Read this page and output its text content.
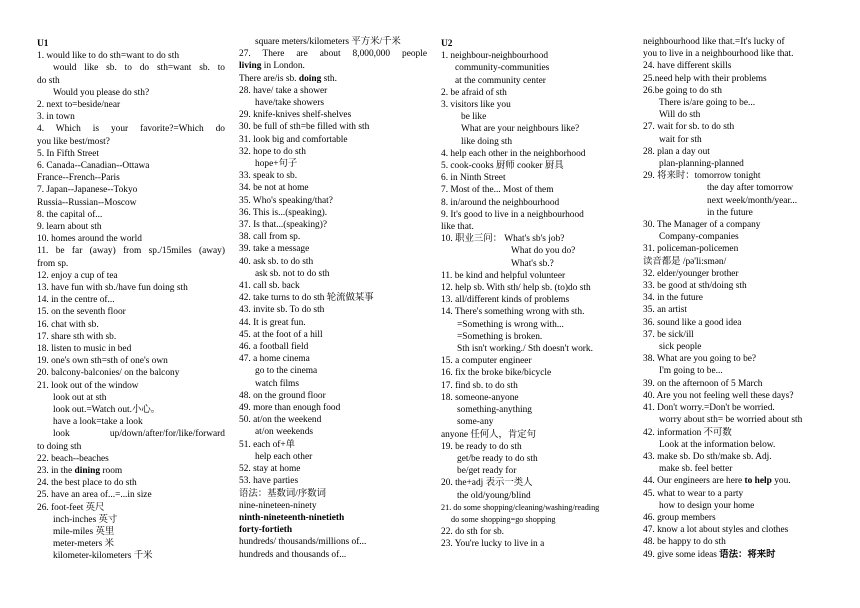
U1
1. would like to do sth=want to do sth
would like sb. to do sth=want sb. to
do sth
Would you please do sth?
2. next to=beside/near
3. in town
4. Which is your favorite?=Which do
you like best/most?
5. In Fifth Street
6. Canada--Canadian--Ottawa
France--French--Paris
7. Japan--Japanese--Tokyo
Russia--Russian--Moscow
8. the capital of...
9. learn about sth
10. homes around the world
11. be far (away) from sp./15miles (away)
from sp.
12. enjoy a cup of tea
13. have fun with sb./have fun doing sth
14. in the centre of...
15. on the seventh floor
16. chat with sb.
17. share sth with sb.
18. listen to music in bed
19. one's own sth=sth of one's own
20. balcony-balconies/ on the balcony
21. look out of the window
look out at sth
look out.=Watch out.小心。
have a look=take a look
look up/down/after/for/like/forward
to doing sth
22. beach--beaches
23. in the dining room
24. the best place to do sth
25. have an area of...=...in size
26. foot-feet 英尺
inch-inches 英寸
mile-miles 英里
meter-meters 米
kilometer-kilometers 千米
square meters/kilometers 平方米/千米
27. There are about 8,000,000 people
living in London.
There are/is sb. doing sth.
28. have/ take a shower
have/take showers
29. knife-knives shelf-shelves
30. be full of sth=be filled with sth
31. look big and comfortable
32. hope to do sth
hope+句子
33. speak to sb.
34. be not at home
35. Who's speaking/that?
36. This is...(speaking).
37. Is that...(speaking)?
38. call from sp.
39. take a message
40. ask sb. to do sth
ask sb. not to do sth
41. call sb. back
42. take turns to do sth 轮流做某事
43. invite sb. To do sth
44. It is great fun.
45. at the foot of a hill
46. a football field
47. a home cinema
go to the cinema
watch films
48. on the ground floor
49. more than enough food
50. at/on the weekend
at/on weekends
51. each of+单
help each other
52. stay at home
53. have parties
语法：基数词/序数词
nine-nineteen-ninety
ninth-nineteenth-ninetieth
forty-fortieth
hundreds/ thousands/millions of...
hundreds and thousands of...
U2
1. neighbour-neighbourhood
community-communities
at the community center
2. be afraid of sth
3. visitors like you
be like
What are your neighbours like?
like doing sth
4. help each other in the neighborhood
5. cook-cooks 厨师 cooker 厨具
6. in Ninth Street
7. Most of the... Most of them
8. in/around the neighbourhood
9. It's good to live in a neighbourhood
like that.
10. 职业三问： What's sb's job?
What do you do?
What's sb.?
11. be kind and helpful volunteer
12. help sb. With sth/ help sb. (to)do sth
13. all/different kinds of problems
14. There's something wrong with sth.
=Something is wrong with...
=Something is broken.
Sth isn't working./ Sth doesn't work.
15. a computer engineer
16. fix the broke bike/bicycle
17. find sb. to do sth
18. someone-anyone
something-anything
some-any
anyone 任何人，肯定句
19. be ready to do sth
get/be ready to do sth
be/get ready for
20. the+adj 表示一类人
the old/young/blind
21. do some shopping/cleaning/washing/reading
do some shopping=go shopping
22. do sth for sb.
23. You're lucky to live in a
neighbourhood like that.=It's lucky of
you to live in a neighbourhood like that.
24. have different skills
25.need help with their problems
26.be going to do sth
There is/are going to be...
Will do sth
27. wait for sb. to do sth
wait for sth
28. plan a day out
plan-planning-planned
29. 将来时：tomorrow tonight
the day after tomorrow
next week/month/year...
in the future
30. The Manager of a company
Company-companies
31. policeman-policemen
读音都是 /pə'li:smən/
32. elder/younger brother
33. be good at sth/doing sth
34. in the future
35. an artist
36. sound like a good idea
37. be sick/ill
sick people
38. What are you going to be?
I'm going to be...
39. on the afternoon of 5 March
40. Are you not feeling well these days?
41. Don't worry.=Don't be worried.
worry about sth= be worried about sth
42. information 不可数
Look at the information below.
43. make sb. Do sth/make sb. Adj.
make sb. feel better
44. Our engineers are here to help you.
45. what to wear to a party
how to design your home
46. group members
47. know a lot about styles and clothes
48. be happy to do sth
49. give some ideas 语法：将来时
